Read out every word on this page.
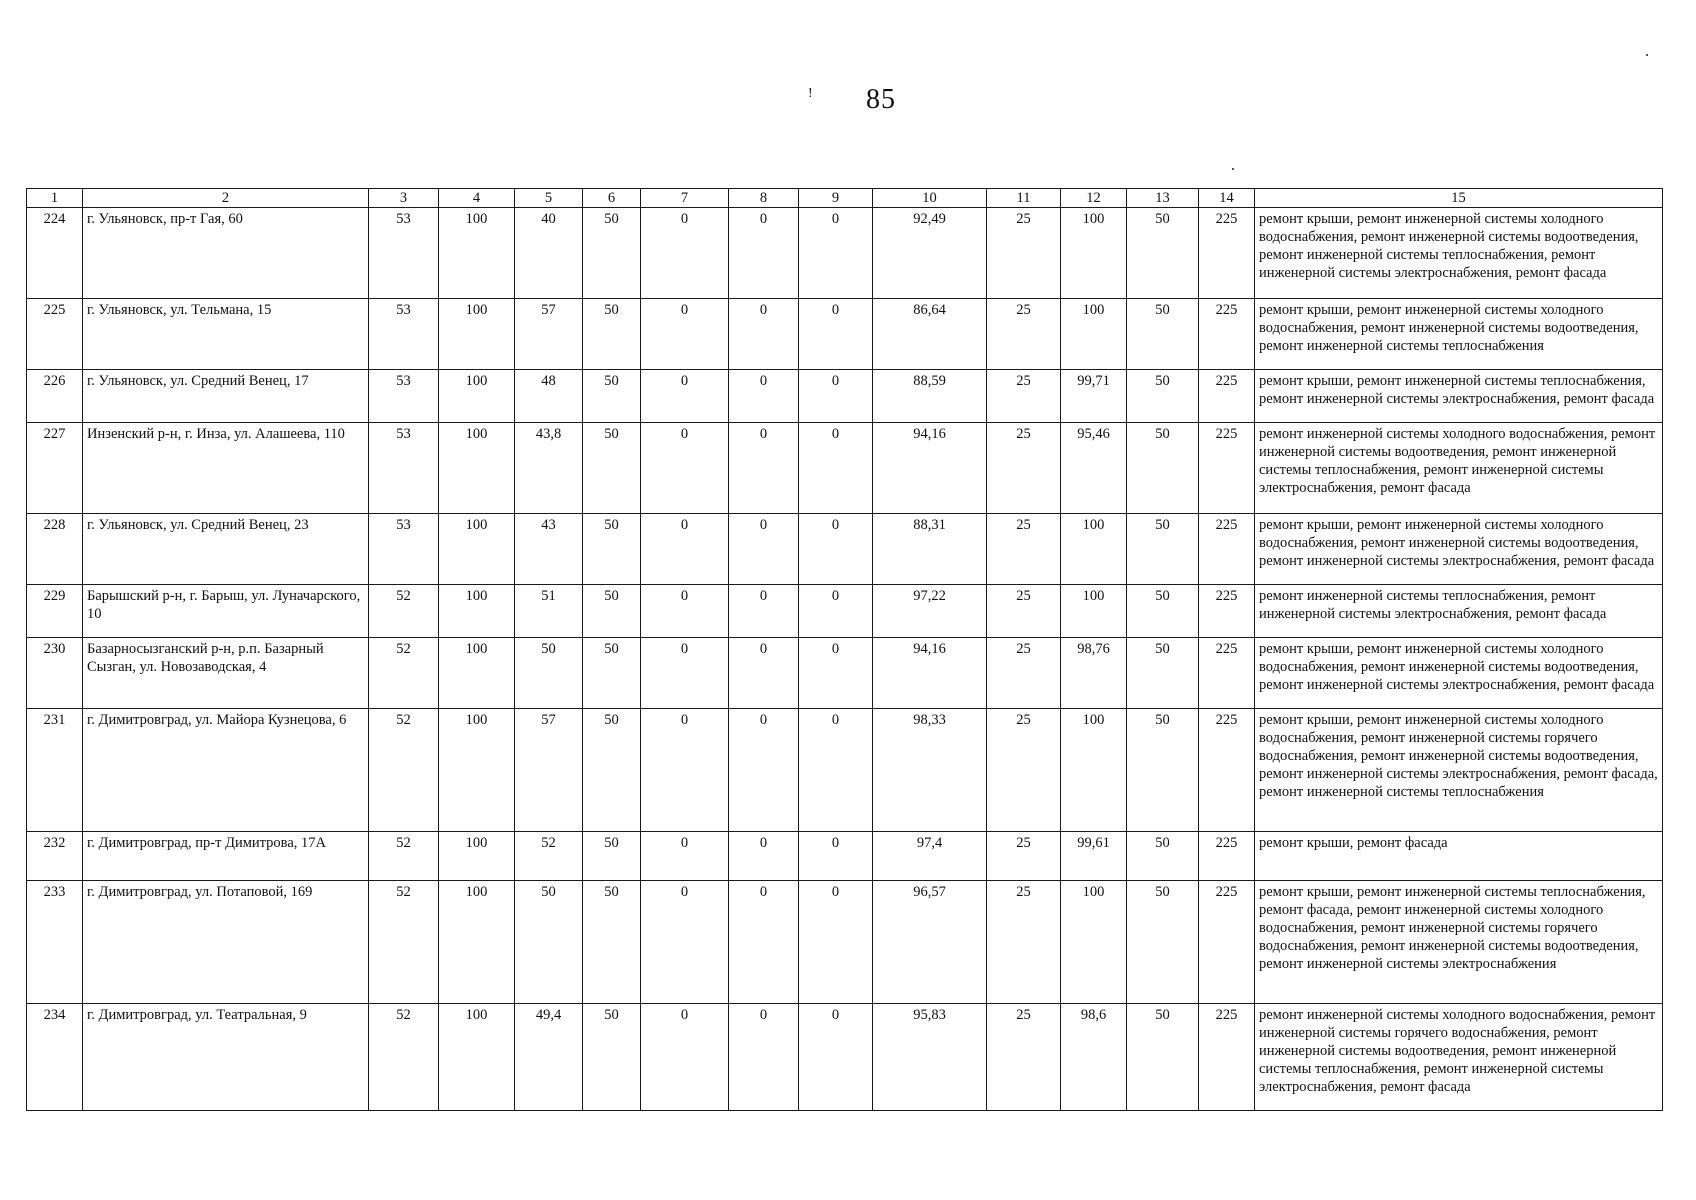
! 85
1	2	3	4	5	6	7	8	9	10	11	12	13	14	15
224	г. Ульяновск, пр-т Гая, 60	53	100	40	50	0	0	0	92,49	25	100	50	225	ремонт крыши, ремонт инженерной системы холодного водоснабжения, ремонт инженерной системы водоотведения, ремонт инженерной системы теплоснабжения, ремонт инженерной системы электроснабжения, ремонт фасада
225	г. Ульяновск, ул. Тельмана, 15	53	100	57	50	0	0	0	86,64	25	100	50	225	ремонт крыши, ремонт инженерной системы холодного водоснабжения, ремонт инженерной системы водоотведения, ремонт инженерной системы теплоснабжения
226	г. Ульяновск, ул. Средний Венец, 17	53	100	48	50	0	0	0	88,59	25	99,71	50	225	ремонт крыши, ремонт инженерной системы теплоснабжения, ремонт инженерной системы электроснабжения, ремонт фасада
227	Инзенский р-н, г. Инза, ул. Алашеева, 110	53	100	43,8	50	0	0	0	94,16	25	95,46	50	225	ремонт инженерной системы холодного водоснабжения, ремонт инженерной системы водоотведения, ремонт инженерной системы теплоснабжения, ремонт инженерной системы электроснабжения, ремонт фасада
228	г. Ульяновск, ул. Средний Венец, 23	53	100	43	50	0	0	0	88,31	25	100	50	225	ремонт крыши, ремонт инженерной системы холодного водоснабжения, ремонт инженерной системы водоотведения, ремонт инженерной системы электроснабжения, ремонт фасада
229	Барышский р-н, г. Барыш, ул. Луначарского, 10	52	100	51	50	0	0	0	97,22	25	100	50	225	ремонт инженерной системы теплоснабжения, ремонт инженерной системы электроснабжения, ремонт фасада
230	Базарносызганский р-н, р.п. Базарный Сызган, ул. Новозаводская, 4	52	100	50	50	0	0	0	94,16	25	98,76	50	225	ремонт крыши, ремонт инженерной системы холодного водоснабжения, ремонт инженерной системы водоотведения, ремонт инженерной системы электроснабжения, ремонт фасада
231	г. Димитровград, ул. Майора Кузнецова, 6	52	100	57	50	0	0	0	98,33	25	100	50	225	ремонт крыши, ремонт инженерной системы холодного водоснабжения, ремонт инженерной системы горячего водоснабжения, ремонт инженерной системы водоотведения, ремонт инженерной системы электроснабжения, ремонт фасада, ремонт инженерной системы теплоснабжения
232	г. Димитровград, пр-т Димитрова, 17А	52	100	52	50	0	0	0	97,4	25	99,61	50	225	ремонт крыши, ремонт фасада
233	г. Димитровград, ул. Потаповой, 169	52	100	50	50	0	0	0	96,57	25	100	50	225	ремонт крыши, ремонт инженерной системы теплоснабжения, ремонт фасада, ремонт инженерной системы холодного водоснабжения, ремонт инженерной системы горячего водоснабжения, ремонт инженерной системы водоотведения, ремонт инженерной системы электроснабжения
234	г. Димитровград, ул. Театральная, 9	52	100	49,4	50	0	0	0	95,83	25	98,6	50	225	ремонт инженерной системы холодного водоснабжения, ремонт инженерной системы горячего водоснабжения, ремонт инженерной системы водоотведения, ремонт инженерной системы теплоснабжения, ремонт инженерной системы электроснабжения, ремонт фасада
